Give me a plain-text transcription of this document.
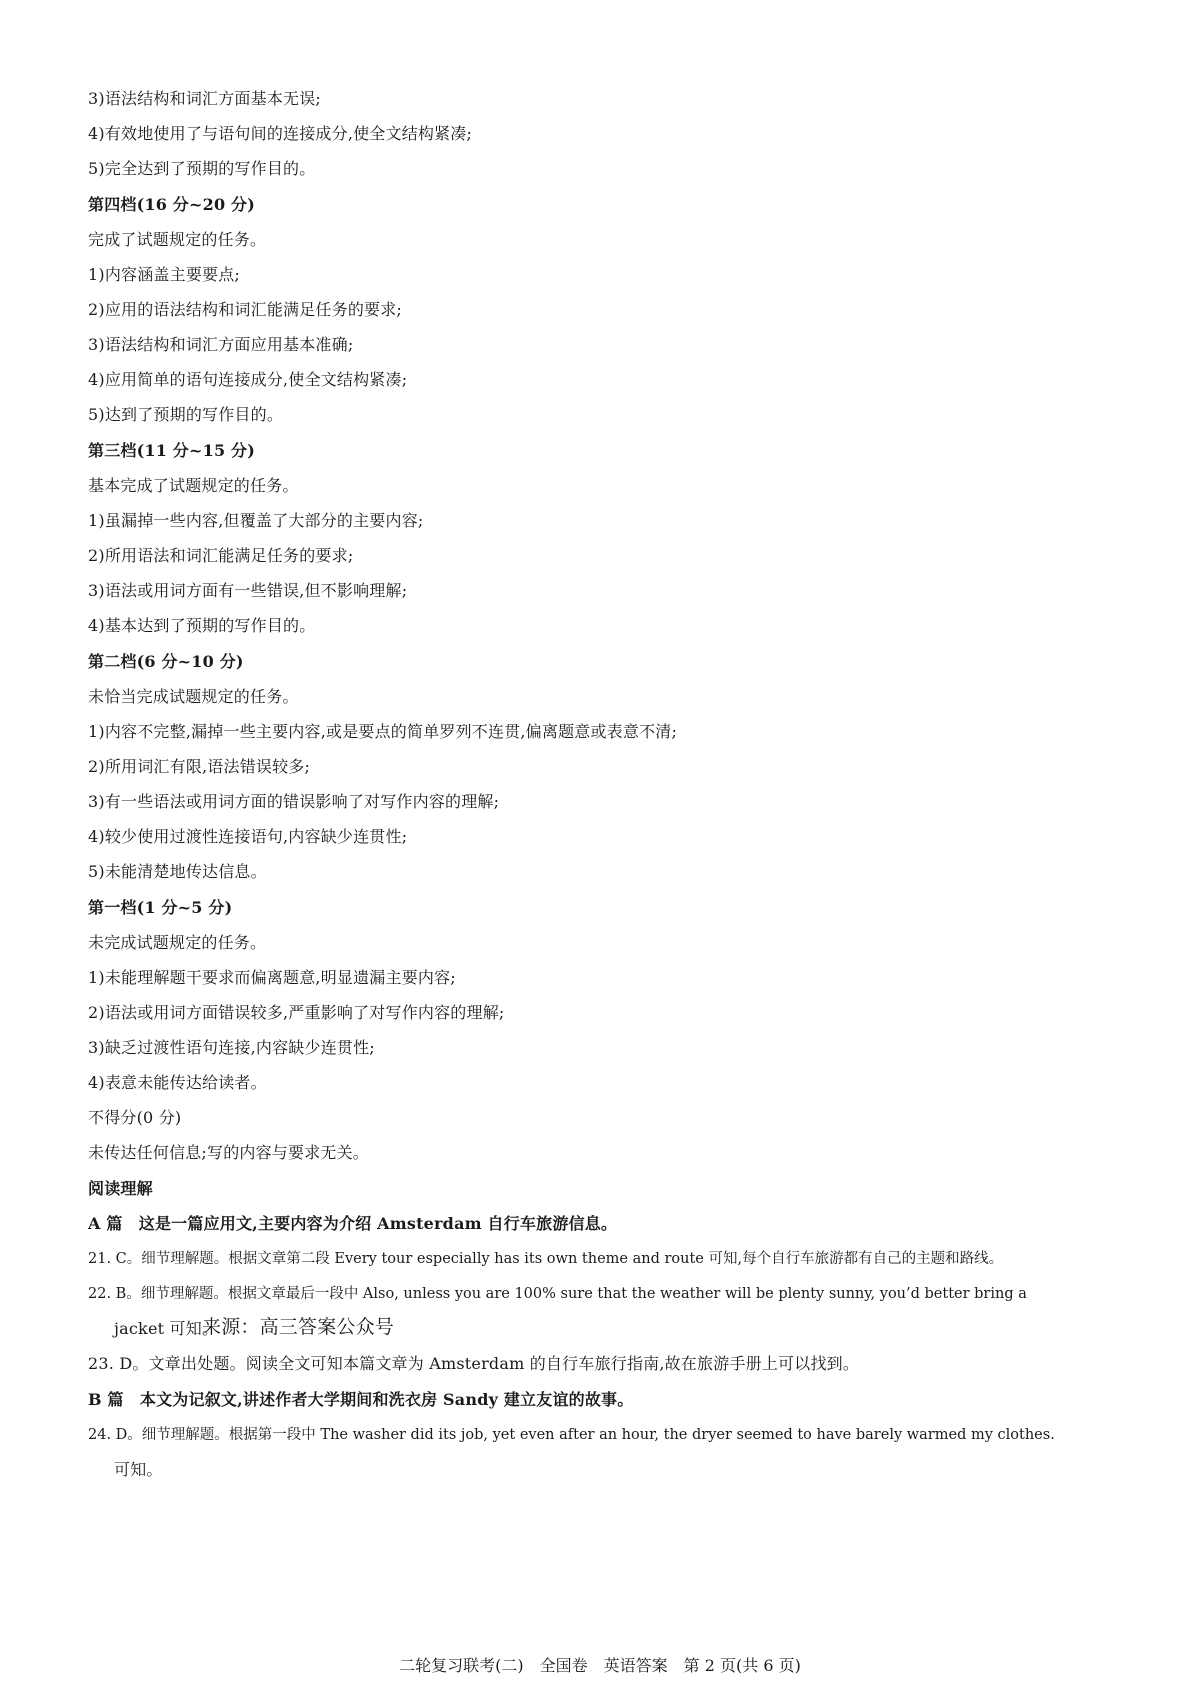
3)语法结构和词汇方面基本无误;
4)有效地使用了与语句间的连接成分,使全文结构紧凑;
5)完全达到了预期的写作目的。
第四档(16 分~20 分)
完成了试题规定的任务。
1)内容涵盖主要要点;
2)应用的语法结构和词汇能满足任务的要求;
3)语法结构和词汇方面应用基本准确;
4)应用简单的语句连接成分,使全文结构紧凑;
5)达到了预期的写作目的。
第三档(11 分~15 分)
基本完成了试题规定的任务。
1)虽漏掉一些内容,但覆盖了大部分的主要内容;
2)所用语法和词汇能满足任务的要求;
3)语法或用词方面有一些错误,但不影响理解;
4)基本达到了预期的写作目的。
第二档(6 分~10 分)
未恰当完成试题规定的任务。
1)内容不完整,漏掉一些主要内容,或是要点的简单罗列不连贯,偏离题意或表意不清;
2)所用词汇有限,语法错误较多;
3)有一些语法或用词方面的错误影响了对写作内容的理解;
4)较少使用过渡性连接语句,内容缺少连贯性;
5)未能清楚地传达信息。
第一档(1 分~5 分)
未完成试题规定的任务。
1)未能理解题干要求而偏离题意,明显遗漏主要内容;
2)语法或用词方面错误较多,严重影响了对写作内容的理解;
3)缺乏过渡性语句连接,内容缺少连贯性;
4)表意未能传达给读者。
不得分(0 分)
未传达任何信息;写的内容与要求无关。
阅读理解
A 篇　这是一篇应用文,主要内容为介绍 Amsterdam 自行车旅游信息。
21. C。细节理解题。根据文章第二段 Every tour especially has its own theme and route 可知,每个自行车旅游都有自己的主题和路线。
22. B。细节理解题。根据文章最后一段中 Also, unless you are 100% sure that the weather will be plenty sunny, you’d better bring a
jacket 可知。
来源：高三答案公众号
23. D。文章出处题。阅读全文可知本篇文章为 Amsterdam 的自行车旅行指南,故在旅游手册上可以找到。
B 篇　本文为记叙文,讲述作者大学期间和洗衣房 Sandy 建立友谊的故事。
24. D。细节理解题。根据第一段中 The washer did its job, yet even after an hour, the dryer seemed to have barely warmed my clothes.
可知。
二轮复习联考(二)　全国卷　英语答案　第 2 页(共 6 页)
